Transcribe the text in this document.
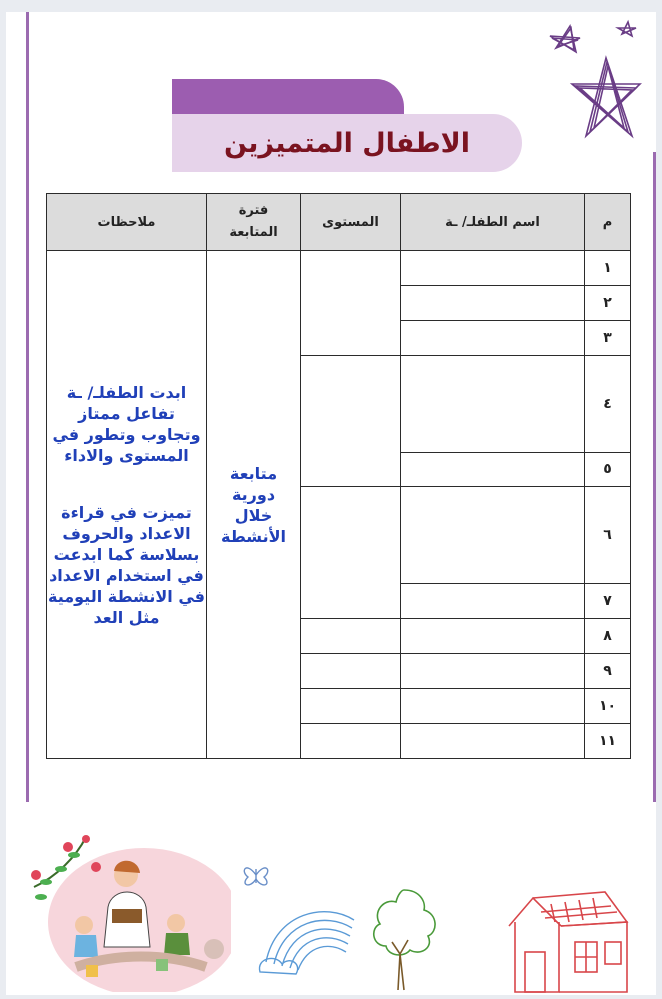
الاطفال المتميزين
م	اسم الطفلـ/ ـة	المستوى	فترة المتابعة	ملاحظات
١			متابعة دورية خلال الأنشطة	ابدت الطفلـ/ ـة تفاعل ممتاز وتجاوب وتطور في المستوى والاداء

تميزت في قراءة الاعداد والحروف بسلاسة كما ابدعت في استخدام الاعداد في الانشطة اليومية مثل العد

٢				
٣				
٤				
٥				
٦				
٧				
٨				
٩				
١٠				
١١				
